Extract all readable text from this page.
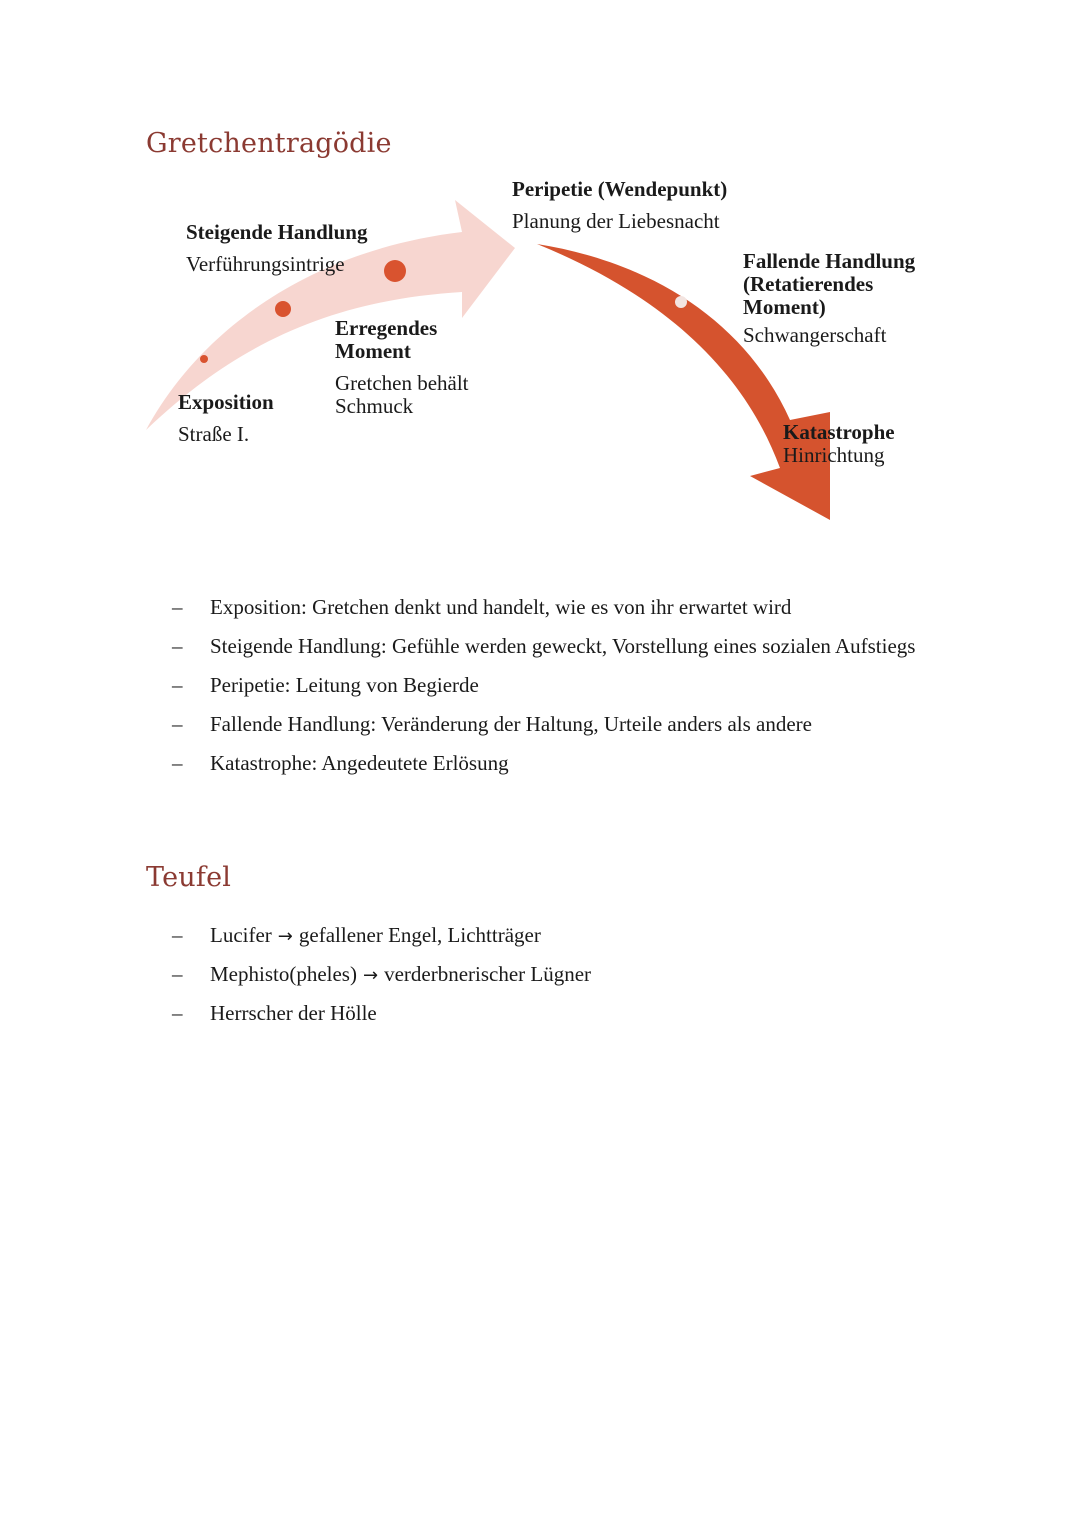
Gretchentragödie
Peripetie (Wendepunkt)
Planung der Liebesnacht
Steigende Handlung
Verführungsintrige
Erregendes
Moment
Gretchen behält
Schmuck
Exposition
Straße I.
Fallende Handlung
(Retatierendes
Moment)
Schwangerschaft
Katastrophe
Hinrichtung
– Exposition: Gretchen denkt und handelt, wie es von ihr erwartet wird
– Steigende Handlung: Gefühle werden geweckt, Vorstellung eines sozialen Aufstiegs
– Peripetie: Leitung von Begierde
– Fallende Handlung: Veränderung der Haltung, Urteile anders als andere
– Katastrophe: Angedeutete Erlösung
Teufel
– Lucifer → gefallener Engel, Lichtträger
– Mephisto(pheles) → verderbnerischer Lügner
– Herrscher der Hölle
